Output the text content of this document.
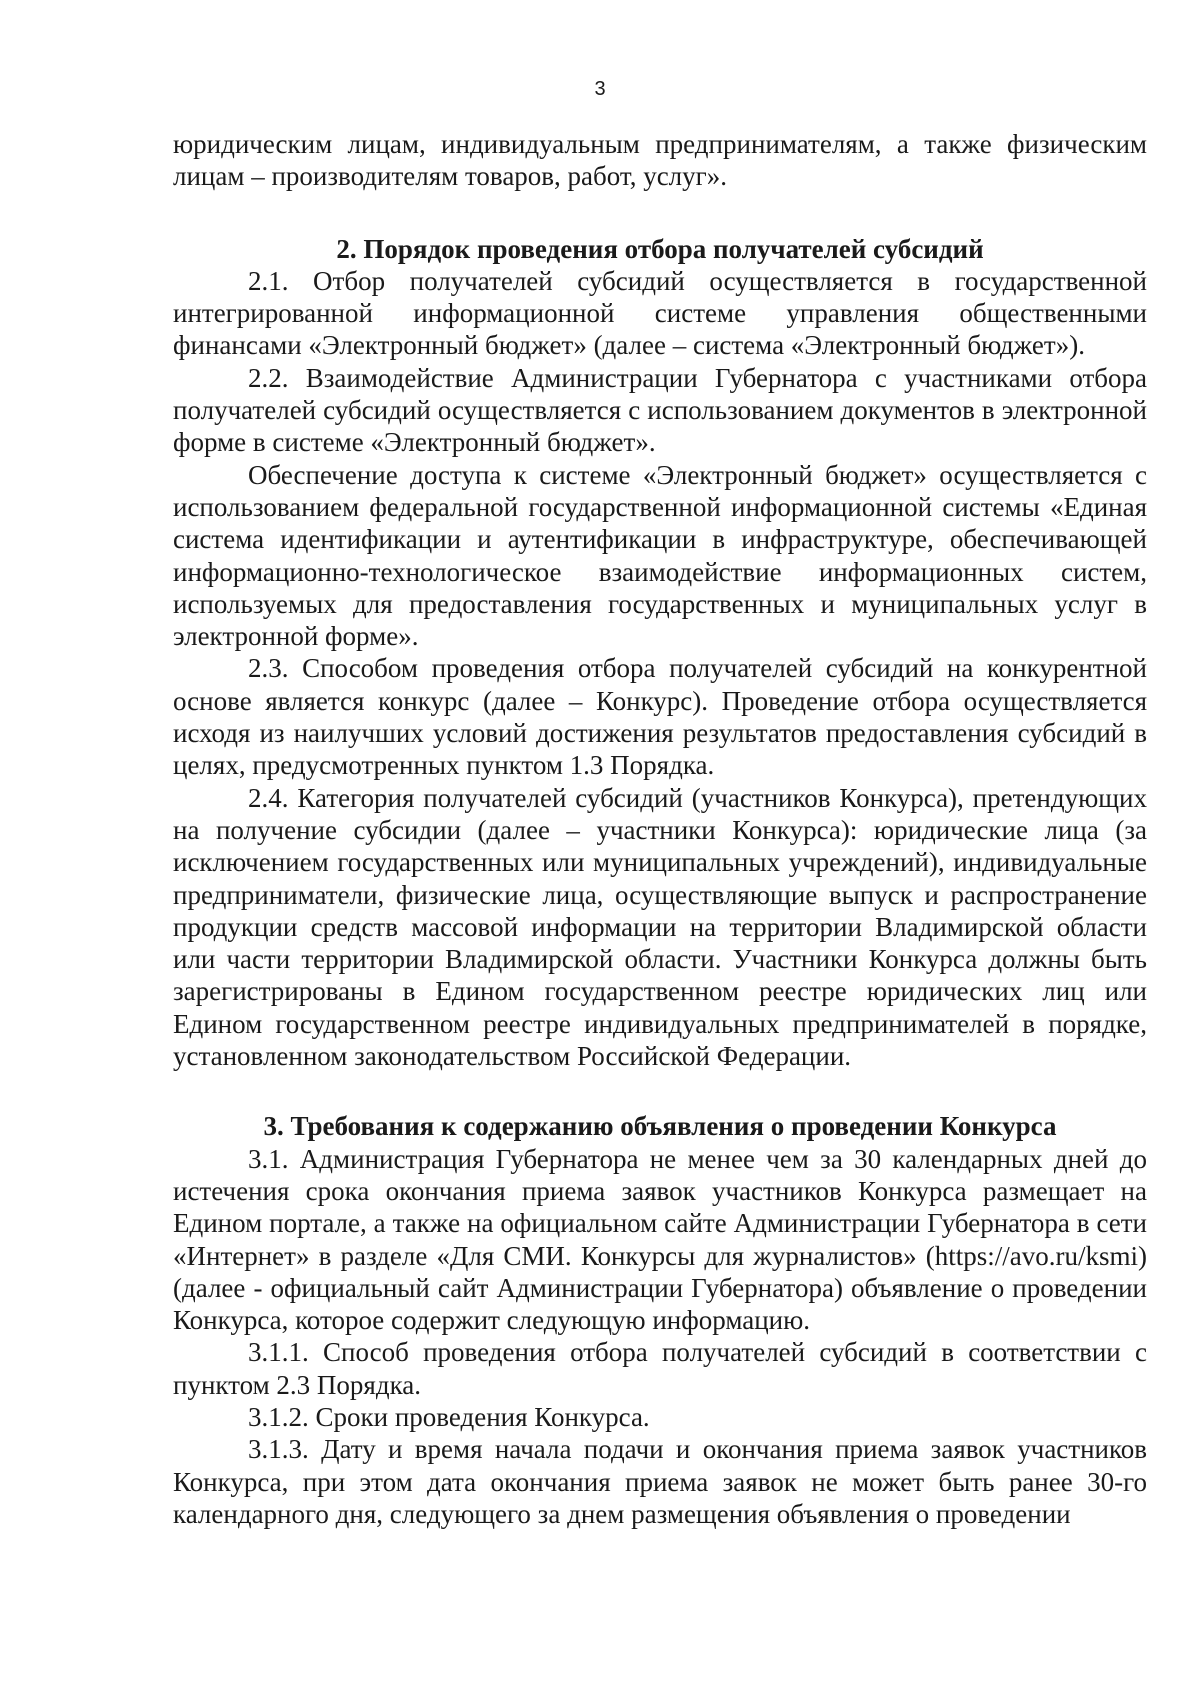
3

юридическим лицам, индивидуальным предпринимателям, а также физическим лицам – производителям товаров, работ, услуг».

2. Порядок проведения отбора получателей субсидий

2.1. Отбор получателей субсидий осуществляется в государственной интегрированной информационной системе управления общественными финансами «Электронный бюджет» (далее – система «Электронный бюджет»).

2.2. Взаимодействие Администрации Губернатора с участниками отбора получателей субсидий осуществляется с использованием документов в электронной форме в системе «Электронный бюджет».

Обеспечение доступа к системе «Электронный бюджет» осуществляется с использованием федеральной государственной информационной системы «Единая система идентификации и аутентификации в инфраструктуре, обеспечивающей информационно-технологическое взаимодействие информационных систем, используемых для предоставления государственных и муниципальных услуг в электронной форме».

2.3. Способом проведения отбора получателей субсидий на конкурентной основе является конкурс (далее – Конкурс). Проведение отбора осуществляется исходя из наилучших условий достижения результатов предоставления субсидий в целях, предусмотренных пунктом 1.3 Порядка.

2.4. Категория получателей субсидий (участников Конкурса), претендующих на получение субсидии (далее – участники Конкурса): юридические лица (за исключением государственных или муниципальных учреждений), индивидуальные предприниматели, физические лица, осуществляющие выпуск и распространение продукции средств массовой информации на территории Владимирской области или части территории Владимирской области. Участники Конкурса должны быть зарегистрированы в Едином государственном реестре юридических лиц или Едином государственном реестре индивидуальных предпринимателей в порядке, установленном законодательством Российской Федерации.

3. Требования к содержанию объявления о проведении Конкурса

3.1. Администрация Губернатора не менее чем за 30 календарных дней до истечения срока окончания приема заявок участников Конкурса размещает на Едином портале, а также на официальном сайте Администрации Губернатора в сети «Интернет» в разделе «Для СМИ. Конкурсы для журналистов» (https://avo.ru/ksmi) (далее - официальный сайт Администрации Губернатора) объявление о проведении Конкурса, которое содержит следующую информацию.

3.1.1. Способ проведения отбора получателей субсидий в соответствии с пунктом 2.3 Порядка.

3.1.2. Сроки проведения Конкурса.

3.1.3. Дату и время начала подачи и окончания приема заявок участников Конкурса, при этом дата окончания приема заявок не может быть ранее 30-го календарного дня, следующего за днем размещения объявления о проведении
